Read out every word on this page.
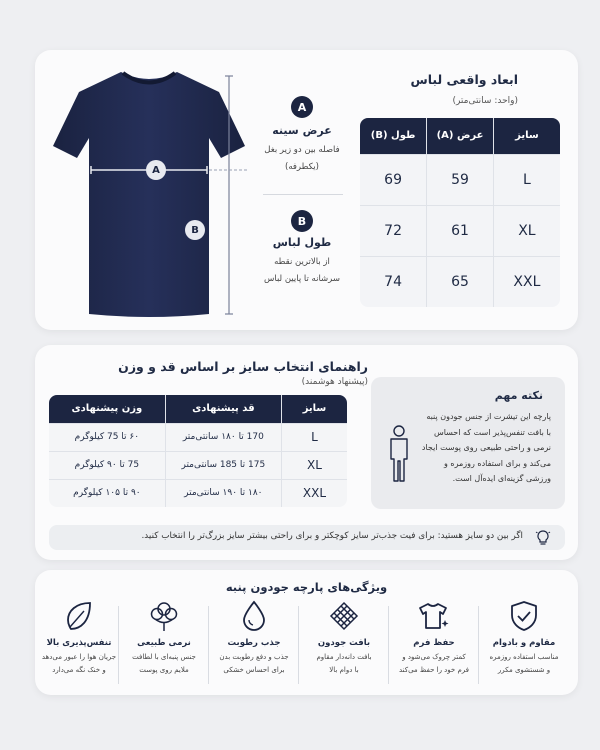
A
B
A
عرض سینه
فاصله بین دو زیر بغل
(یکطرفه)
B
طول لباس
از بالاترین نقطه
سرشانه تا پایین لباس
ابعاد واقعی لباس
(واحد: سانتی‌متر)
سایز	عرض (A)	طول (B)
L	59	69
XL	61	72
XXL	65	74
راهنمای انتخاب سایز بر اساس قد و وزن
(پیشنهاد هوشمند)
سایز	قد پیشنهادی	وزن پیشنهادی
L	170 تا ۱۸۰ سانتی‌متر	۶۰ تا 75 کیلوگرم
XL	175 تا 185 سانتی‌متر	75 تا ۹۰ کیلوگرم
XXL	۱۸۰ تا ۱۹۰ سانتی‌متر	۹۰ تا ۱۰۵ کیلوگرم
نکته مهم
پارچه این تیشرت از جنس جودون پنبه با بافت تنفس‌پذیر است که احساس نرمی و راحتی طبیعی روی پوست ایجاد می‌کند و برای استفاده روزمره و ورزشی گزینه‌ای ایده‌آل است.
اگر بین دو سایز هستید: برای فیت جذب‌تر سایز کوچکتر و برای راحتی بیشتر سایز بزرگ‌تر را انتخاب کنید.
ویژگی‌های پارچه جودون پنبه
مقاوم و بادوام
مناسب استفاده روزمره
و شستشوی مکرر
حفظ فرم
کمتر چروک می‌شود و
فرم خود را حفظ می‌کند
بافت جودون
بافت دانه‌دار مقاوم
با دوام بالا
جذب رطوبت
جذب و دفع رطوبت بدن
برای احساس خشکی
نرمی طبیعی
جنس پنبه‌ای با لطافت
ملایم روی پوست
تنفس‌پذیری بالا
جریان هوا را عبور می‌دهد
و خنک نگه می‌دارد
